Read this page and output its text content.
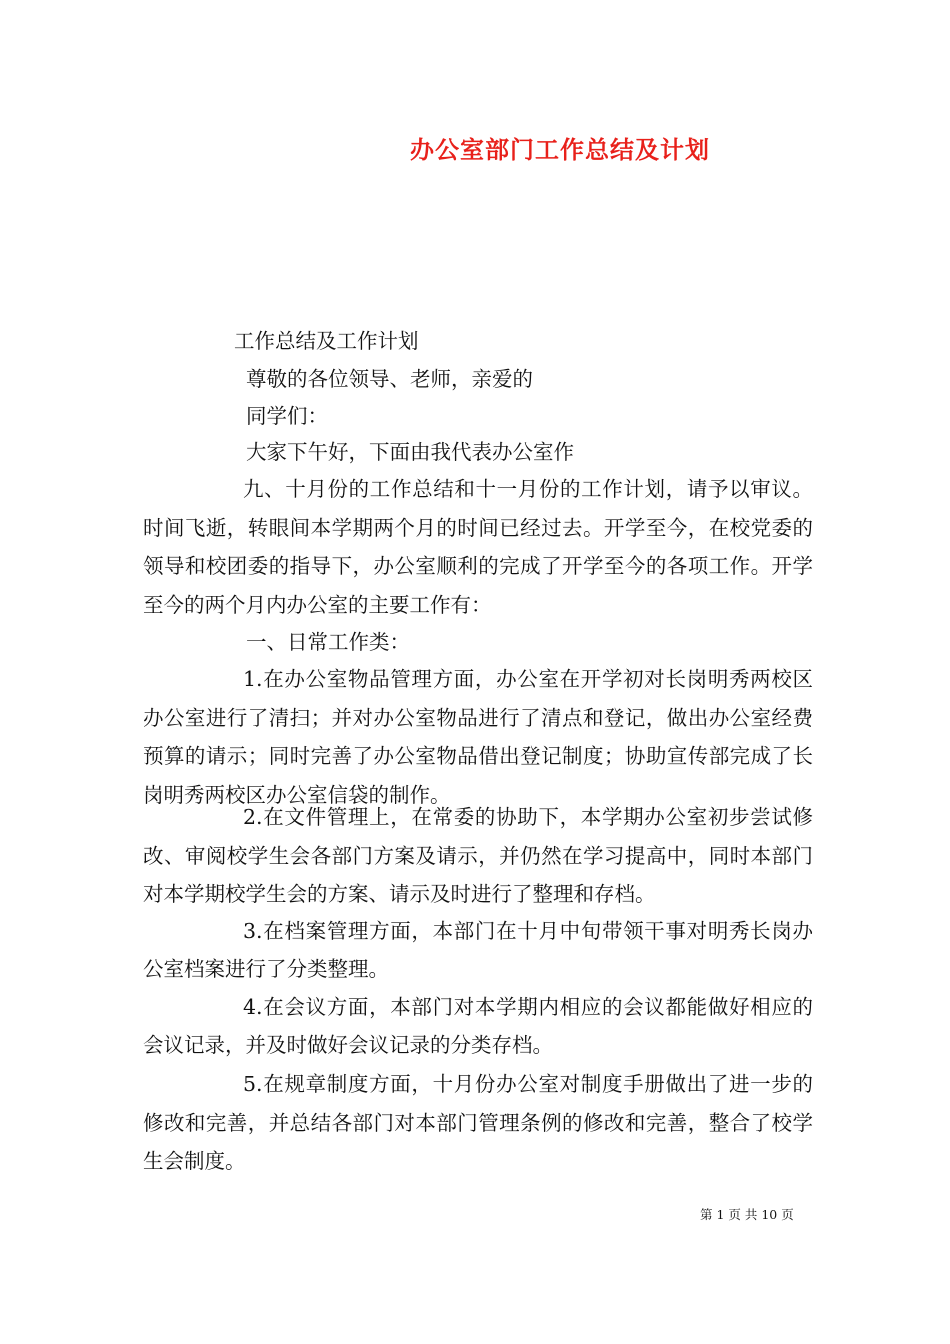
办公室部门工作总结及计划
工作总结及工作计划
尊敬的各位领导、老师，亲爱的
同学们：
大家下午好，下面由我代表办公室作
九、十月份的工作总结和十一月份的工作计划，请予以审议。时间飞逝，转眼间本学期两个月的时间已经过去。开学至今，在校党委的领导和校团委的指导下，办公室顺利的完成了开学至今的各项工作。开学至今的两个月内办公室的主要工作有：
一、日常工作类：
1.在办公室物品管理方面，办公室在开学初对长岗明秀两校区办公室进行了清扫；并对办公室物品进行了清点和登记，做出办公室经费预算的请示；同时完善了办公室物品借出登记制度；协助宣传部完成了长岗明秀两校区办公室信袋的制作。
2.在文件管理上，在常委的协助下，本学期办公室初步尝试修改、审阅校学生会各部门方案及请示，并仍然在学习提高中，同时本部门对本学期校学生会的方案、请示及时进行了整理和存档。
3.在档案管理方面，本部门在十月中旬带领干事对明秀长岗办公室档案进行了分类整理。
4.在会议方面，本部门对本学期内相应的会议都能做好相应的会议记录，并及时做好会议记录的分类存档。
5.在规章制度方面，十月份办公室对制度手册做出了进一步的修改和完善，并总结各部门对本部门管理条例的修改和完善，整合了校学生会制度。
第 1 页 共 10 页
